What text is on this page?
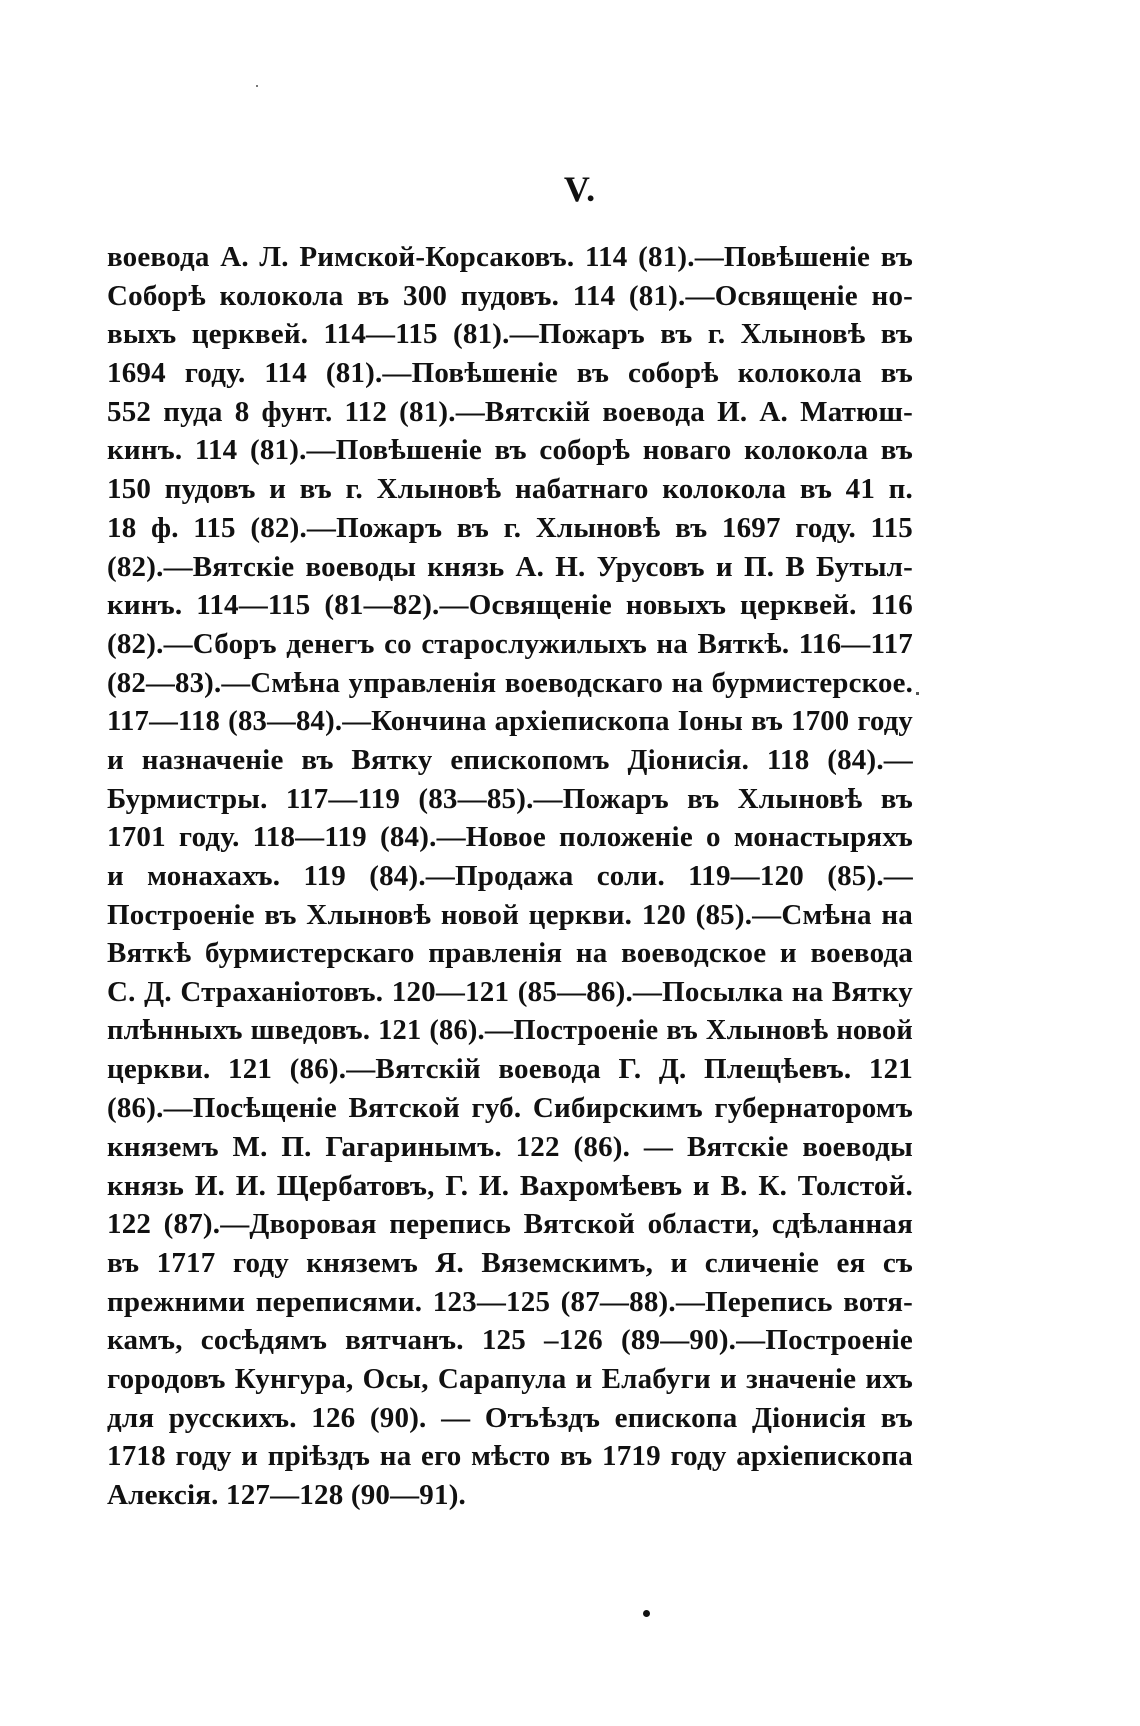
V.
воевода А. Л. Римской-Корсаковъ. 114 (81).—Повѣшеніе въ
Соборѣ колокола въ 300 пудовъ. 114 (81).—Освященіе но-
выхъ церквей. 114—115 (81).—Пожаръ въ г. Хлыновѣ въ
1694 году. 114 (81).—Повѣшеніе въ соборѣ колокола въ
552 пуда 8 фунт. 112 (81).—Вятскій воевода И. А. Матюш-
кинъ. 114 (81).—Повѣшеніе въ соборѣ новаго колокола въ
150 пудовъ и въ г. Хлыновѣ набатнаго колокола въ 41 п.
18 ф. 115 (82).—Пожаръ въ г. Хлыновѣ въ 1697 году. 115
(82).—Вятскіе воеводы князь А. Н. Урусовъ и П. В Бутыл-
кинъ. 114—115 (81—82).—Освященіе новыхъ церквей. 116
(82).—Сборъ денегъ со старослужилыхъ на Вяткѣ. 116—117
(82—83).—Смѣна управленія воеводскаго на бурмистерское.
117—118 (83—84).—Кончина архіепископа Іоны въ 1700 году
и назначеніе въ Вятку епископомъ Діонисія. 118 (84).—
Бурмистры. 117—119 (83—85).—Пожаръ въ Хлыновѣ въ
1701 году. 118—119 (84).—Новое положеніе о монастыряхъ
и монахахъ. 119 (84).—Продажа соли. 119—120 (85).—
Построеніе въ Хлыновѣ новой церкви. 120 (85).—Смѣна на
Вяткѣ бурмистерскаго правленія на воеводское и воевода
С. Д. Страханіотовъ. 120—121 (85—86).—Посылка на Вятку
плѣнныхъ шведовъ. 121 (86).—Построеніе въ Хлыновѣ новой
церкви. 121 (86).—Вятскій воевода Г. Д. Плещѣевъ. 121
(86).—Посѣщеніе Вятской губ. Сибирскимъ губернаторомъ
княземъ М. П. Гагаринымъ. 122 (86). — Вятскіе воеводы
князь И. И. Щербатовъ, Г. И. Вахромѣевъ и В. К. Толстой.
122 (87).—Дворовая перепись Вятской области, сдѣланная
въ 1717 году княземъ Я. Вяземскимъ, и сличеніе ея съ
прежними переписями. 123—125 (87—88).—Перепись вотя-
камъ, сосѣдямъ вятчанъ. 125 –126 (89—90).—Построеніе
городовъ Кунгура, Осы, Сарапула и Елабуги и значеніе ихъ
для русскихъ. 126 (90). — Отъѣздъ епископа Діонисія въ
1718 году и пріѣздъ на его мѣсто въ 1719 году архіепископа
Алексія. 127—128 (90—91).
